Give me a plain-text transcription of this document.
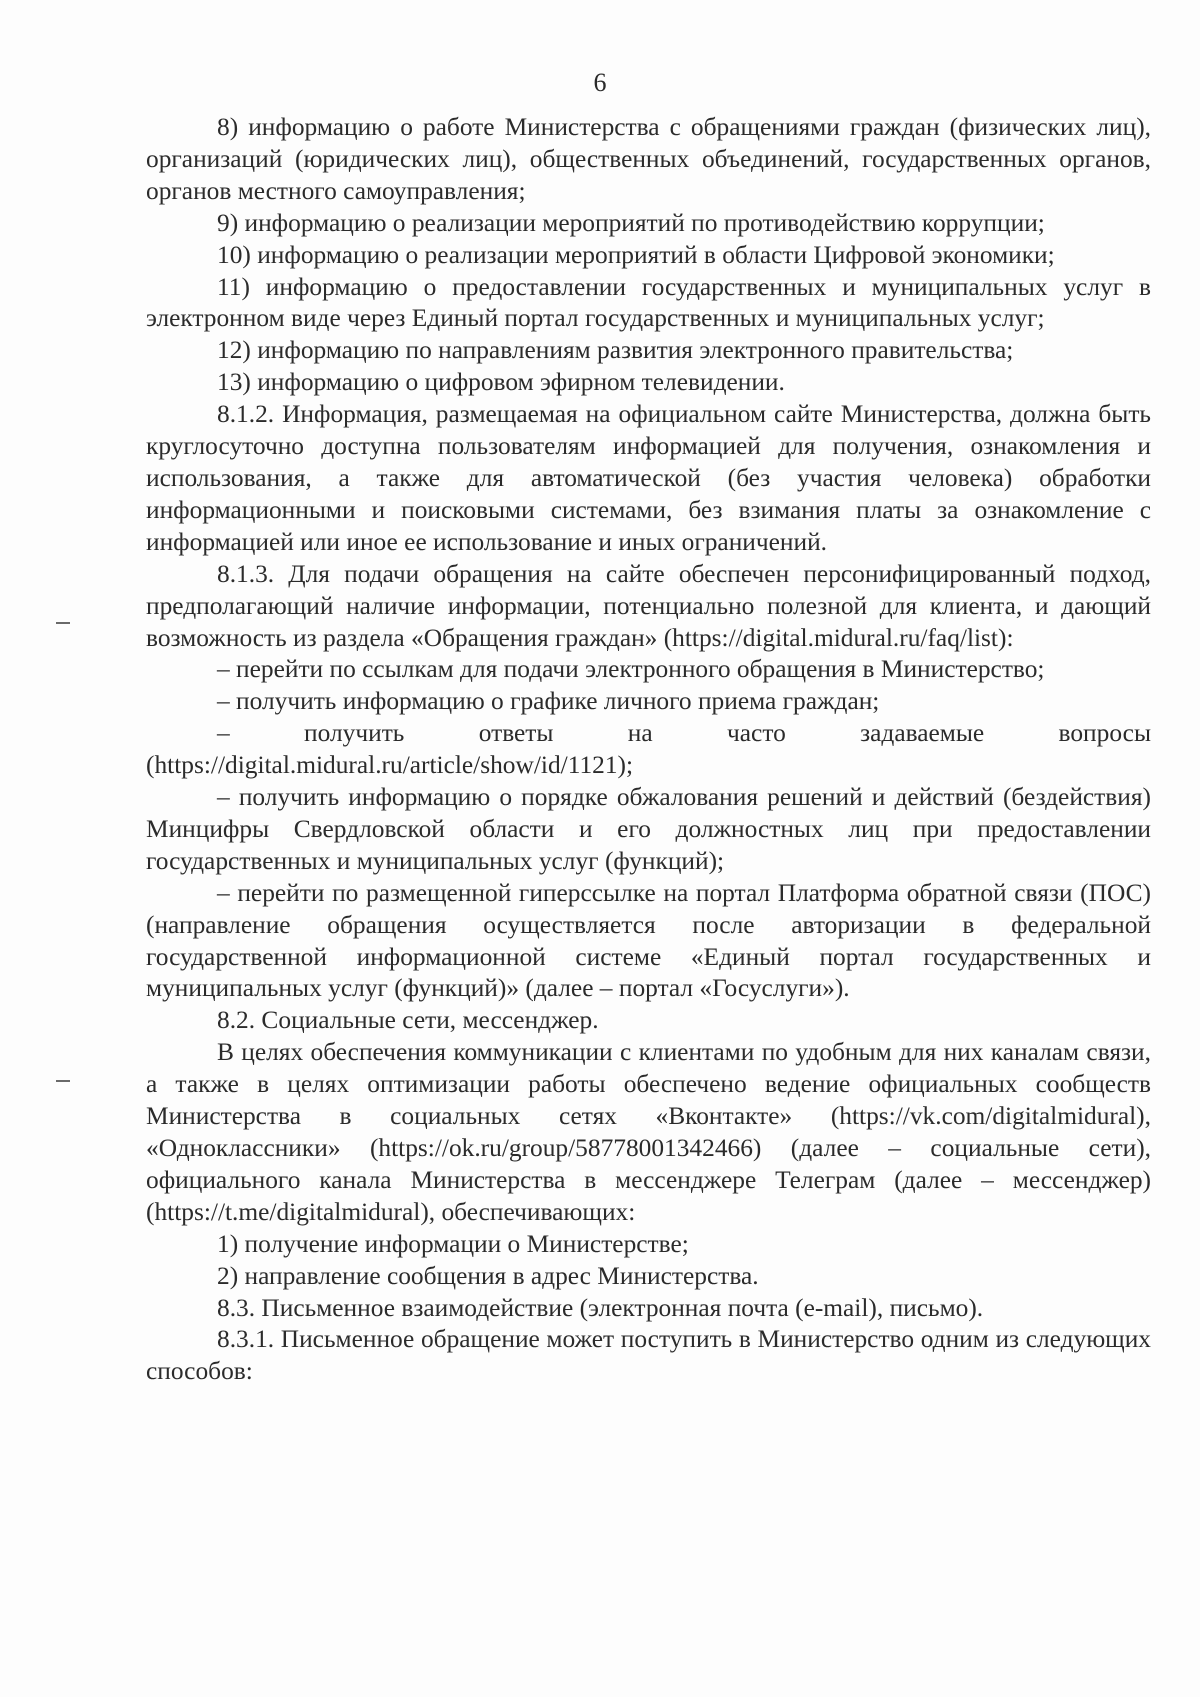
6

8) информацию о работе Министерства с обращениями граждан (физических лиц), организаций (юридических лиц), общественных объединений, государственных органов, органов местного самоуправления;

9) информацию о реализации мероприятий по противодействию коррупции;

10) информацию о реализации мероприятий в области Цифровой экономики;

11) информацию о предоставлении государственных и муниципальных услуг в электронном виде через Единый портал государственных и муниципальных услуг;

12) информацию по направлениям развития электронного правительства;

13) информацию о цифровом эфирном телевидении.

8.1.2. Информация, размещаемая на официальном сайте Министерства, должна быть круглосуточно доступна пользователям информацией для получения, ознакомления и использования, а также для автоматической (без участия человека) обработки информационными и поисковыми системами, без взимания платы за ознакомление с информацией или иное ее использование и иных ограничений.

8.1.3. Для подачи обращения на сайте обеспечен персонифицированный подход, предполагающий наличие информации, потенциально полезной для клиента, и дающий возможность из раздела «Обращения граждан» (https://digital.midural.ru/faq/list):

– перейти по ссылкам для подачи электронного обращения в Министерство;

– получить информацию о графике личного приема граждан;

– получить ответы на часто задаваемые вопросы (https://digital.midural.ru/article/show/id/1121);

– получить информацию о порядке обжалования решений и действий (бездействия) Минцифры Свердловской области и его должностных лиц при предоставлении государственных и муниципальных услуг (функций);

– перейти по размещенной гиперссылке на портал Платформа обратной связи (ПОС) (направление обращения осуществляется после авторизации в федеральной государственной информационной системе «Единый портал государственных и муниципальных услуг (функций)» (далее – портал «Госуслуги»).

8.2. Социальные сети, мессенджер.

В целях обеспечения коммуникации с клиентами по удобным для них каналам связи, а также в целях оптимизации работы обеспечено ведение официальных сообществ Министерства в социальных сетях «Вконтакте» (https://vk.com/digitalmidural), «Одноклассники» (https://ok.ru/group/58778001342466) (далее – социальные сети), официального канала Министерства в мессенджере Телеграм (далее – мессенджер) (https://t.me/digitalmidural), обеспечивающих:

1) получение информации о Министерстве;

2) направление сообщения в адрес Министерства.

8.3. Письменное взаимодействие (электронная почта (e-mail), письмо).

8.3.1. Письменное обращение может поступить в Министерство одним из следующих способов:
